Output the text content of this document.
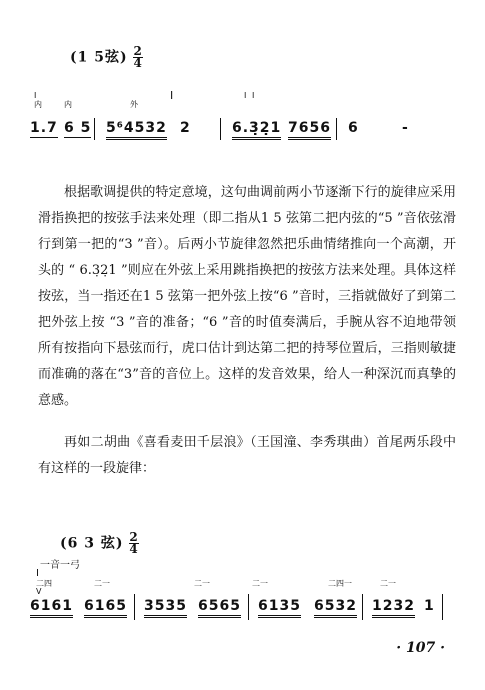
(1 5弦) $\frac{2}{4}$
I
内	内	外
I	I I
1.7 6 5 5⁶4532 2	6.3̣2̣1 7656 6	-

根据歌调提供的特定意境，这句曲调前两小节逐渐下行的旋律应采用滑指换把的按弦手法来处理（即二指从1 5 弦第二把内弦的“5 ”音依弦滑行到第一把的“3 ”音）。后两小节旋律忽然把乐曲情绪推向一个高潮，开头的 “ 6.3̣2̣1 ”则应在外弦上采用跳指换把的按弦方法来处理。具体这样按弦，当一指还在1 5 弦第一把外弦上按“6 ”音时，三指就做好了到第二把外弦上按 “3 ”音的准备；“6 ”音的时值奏满后，手腕从容不迫地带领所有按指向下悬弦而行，虎口估计到达第二把的持琴位置后，三指则敏捷而准确的落在“3”音的音位上。这样的发音效果，给人一种深沉而真挚的意感。

再如二胡曲《喜看麦田千层浪》（王国潼、李秀琪曲）首尾两乐段中有这样的一段旋律：

(6 3 弦) $\frac{2}{4}$
一音一弓
I
二四
V
二一	二一	二一	二四一	二一
6161 6165 3535 6565 6135 6532 1232 1
· 107 ·
